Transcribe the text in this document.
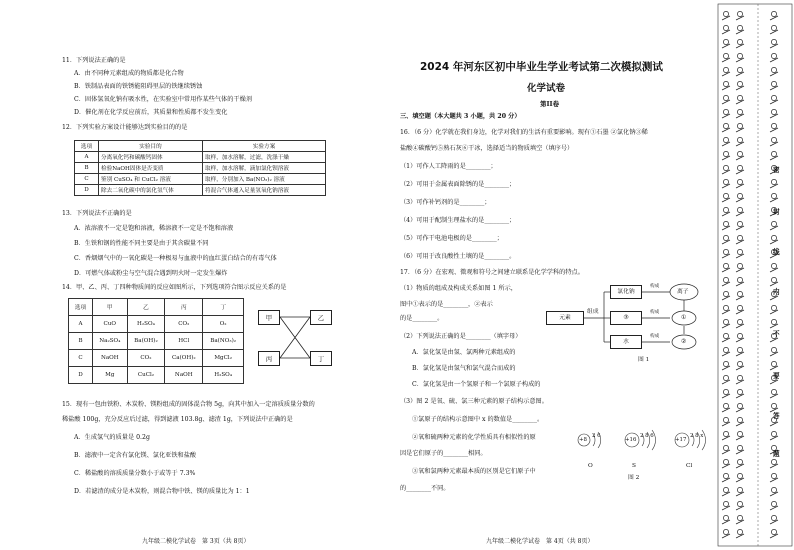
11．下列说法正确的是
A．由不同种元素组成的物质都是化合物
B．铁制品表面的铁锈能阻碍里层的铁继续锈蚀
C．固体氢氧化钠有吸水性，在实验室中常用作某些气体的干燥剂
D．催化剂在化学反应前后，其质量和性质都不发生变化
12．下列实验方案设计能够达到实验目的的是
选项	实验目的	实验方案
A	分离氧化钙和碳酸钙固体	取样，加水溶解，过滤，洗涤干燥
B	检验NaOH固体是否变质	取样，加水溶解，滴加氯化钡溶液
C	鉴别 CuSO₄ 和 CuCl₂ 溶液	取样，分别加入 Ba(NO₃)₂ 溶液
D	除去二氧化碳中的氯化氢气体	将混合气体通入足量氢氧化钠溶液
13．下列说法不正确的是
A．浓溶液不一定是饱和溶液，稀溶液不一定是不饱和溶液
B．生铁和钢的性能不同主要是由于其含碳量不同
C．香烟烟气中的一氧化碳是一种极易与血液中的血红蛋白结合的有毒气体
D．可燃气体或粉尘与空气混合遇到明火时一定发生爆炸
14．甲、乙、丙、丁四种物质间的反应如图所示，下列选项符合图示反应关系的是
选项	甲	乙	丙	丁
A	CuO	H₂SO₄	CO₂	O₂
B	Na₂SO₄	Ba(OH)₂	HCl	Ba(NO₃)₂
C	NaOH	CO₂	Ca(OH)₂	MgCl₂
D	Mg	CuCl₂	NaOH	H₂SO₄
甲	乙
丙	丁
15．现有一包由铁粉、木炭粉、镁粉组成的固体混合物 5g，向其中加入一定溶质质量分数的
稀盐酸 100g，充分反应后过滤，得到滤液 103.8g、滤渣 1g，下列说法中正确的是
A．生成氢气的质量是 0.2g
B．滤液中一定含有氯化镁、氯化亚铁和盐酸
C．稀盐酸的溶质质量分数小于或等于 7.3%
D．若滤渣的成分是木炭粉，则混合物中铁、镁的质量比为 1：1
九年级二模化学试卷　第 3页（共 8页）
2024 年河东区初中毕业生学业考试第二次模拟测试
化学试卷
第II卷
三、填空题（本大题共 3 小题，共 20 分）
16．（6 分）化学就在我们身边，化学对我们的生活有重要影响。现有①石墨 ②氯化钠③稀
盐酸④碳酸钙⑤熟石灰⑥干冰，选择适当的物质填空（填序号）
（1）可作人工降雨的是________；
（2）可用于金属表面除锈的是________；
（3）可作补钙剂的是________；
（4）可用于配制生理盐水的是________；
（5）可作干电池电极的是________；
（6）可用于改良酸性土壤的是________。
17．（6 分）在宏观、微观和符号之间建立联系是化学学科的特点。
（1）物质的组成及构成关系如图 1 所示，
图中①表示的是________，②表示
的是________。
（2）下列说法正确的是________（填字母）
A．氯化氢是由氢、氯两种元素组成的
B．氯化氢是由氢气和氯气混合而成的
C．氯化氢是由一个氢原子和一个氯原子构成的
（3）图 2 是氧、硫、氯三种元素的原子结构示意图。
①氯原子的结构示意图中 x 的数值是________。
②氧和硫两种元素的化学性质具有相似性的原
因是它们原子的________相同。
③氧和氯两种元素最本质的区别是它们原子中
的________不同。
元素
组成
氯化钠
③
水
构成
构成
构成
离子
①
②
图 1
+8
2 6
+16
2 8 6
+17
2 8 x
O	S	Cl
图 2
九年级二模化学试卷　第 4页（共 8页）
密
封
线
内
不
要
答
题
